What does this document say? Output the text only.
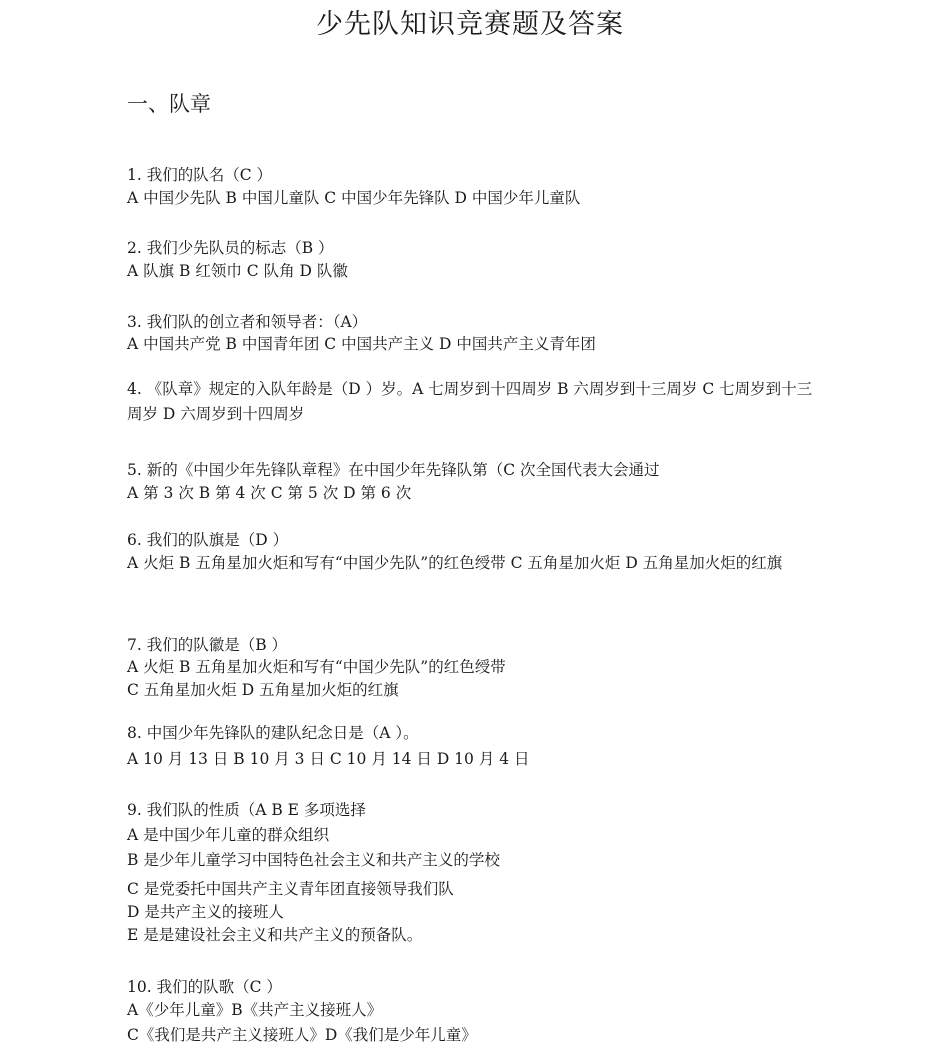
少先队知识竞赛题及答案
一、队章
1. 我们的队名（C ）
A 中国少先队 B 中国儿童队 C 中国少年先锋队 D 中国少年儿童队
2. 我们少先队员的标志（B ）
A 队旗 B 红领巾 C 队角 D 队徽
3. 我们队的创立者和领导者：（A）
A 中国共产党 B 中国青年团 C 中国共产主义 D 中国共产主义青年团
4. 《队章》规定的入队年龄是（D ）岁。A 七周岁到十四周岁 B 六周岁到十三周岁 C 七周岁到十三周岁 D 六周岁到十四周岁
5. 新的《中国少年先锋队章程》在中国少年先锋队第（C 次全国代表大会通过
A 第 3 次 B 第 4 次 C 第 5 次 D 第 6 次
6. 我们的队旗是（D ）
A 火炬 B 五角星加火炬和写有“中国少先队”的红色绶带 C 五角星加火炬 D 五角星加火炬的红旗
7. 我们的队徽是（B ）
A 火炬 B 五角星加火炬和写有“中国少先队”的红色绶带
C 五角星加火炬 D 五角星加火炬的红旗
8. 中国少年先锋队的建队纪念日是（A ）。
A 10 月 13 日 B 10 月 3 日 C 10 月 14 日 D 10 月 4 日
9. 我们队的性质（A B E 多项选择
A 是中国少年儿童的群众组织
B 是少年儿童学习中国特色社会主义和共产主义的学校
C 是党委托中国共产主义青年团直接领导我们队
D 是共产主义的接班人
E 是是建设社会主义和共产主义的预备队。
10. 我们的队歌（C ）
A《少年儿童》B《共产主义接班人》
C《我们是共产主义接班人》D《我们是少年儿童》
